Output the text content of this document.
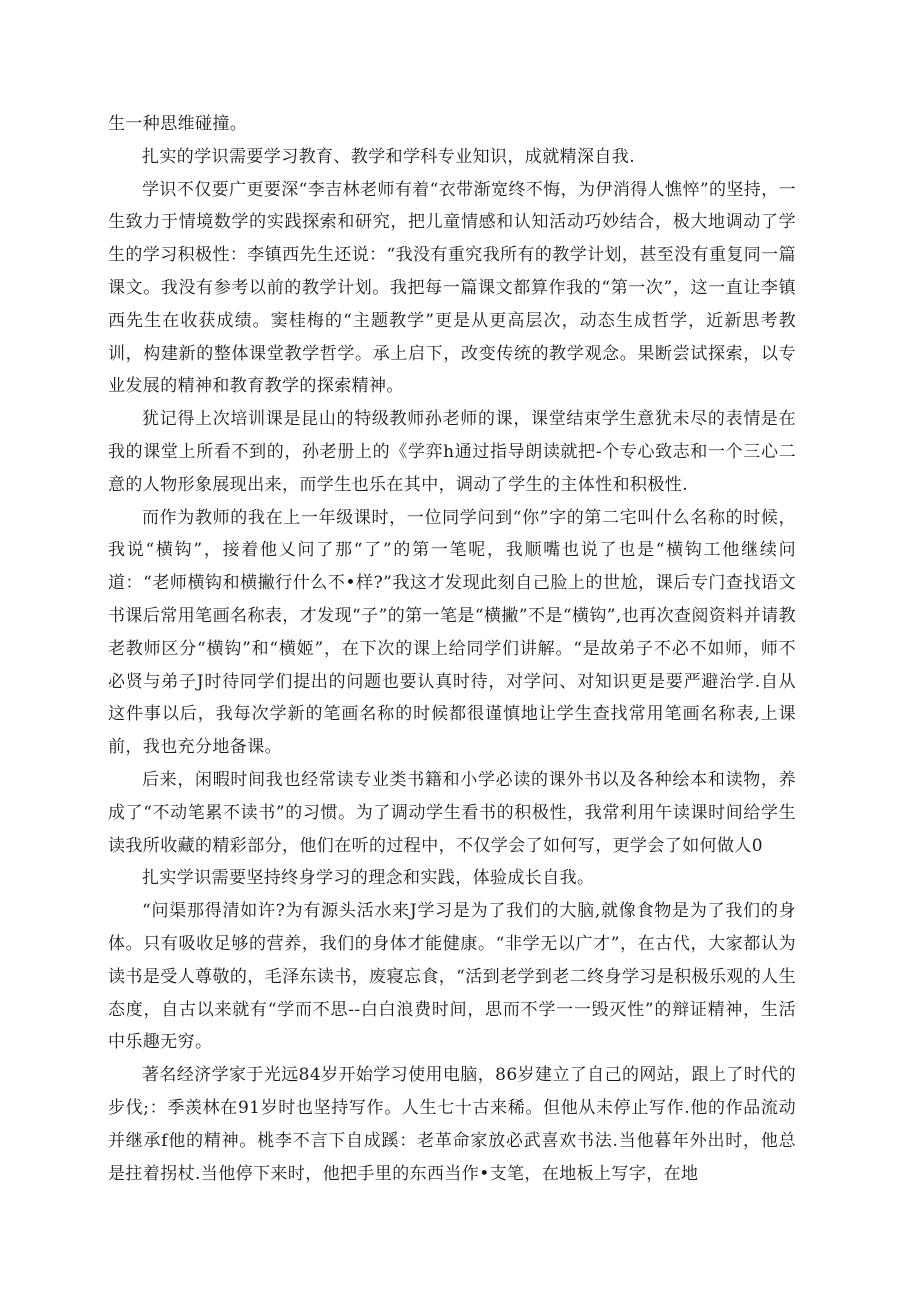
生一种思维碰撞。

扎实的学识需要学习教育、教学和学科专业知识，成就精深自我.

学识不仅要广更要深“李吉林老师有着“衣带渐宽终不悔，为伊消得人憔悴”的坚持，一生致力于情境数学的实践探索和研究，把儿童情感和认知活动巧妙结合，极大地调动了学生的学习积极性：李镇西先生还说：“我没有重究我所有的教学计划，甚至没有重复同一篇课文。我没有参考以前的教学计划。我把每一篇课文都算作我的“第一次”，这一直让李镇西先生在收获成绩。窦桂梅的“主题教学”更是从更高层次，动态生成哲学，近新思考教训，构建新的整体课堂教学哲学。承上启下，改变传统的教学观念。果断尝试探索，以专业发展的精神和教育教学的探索精神。

犹记得上次培训课是昆山的特级教师孙老师的课，课堂结束学生意犹未尽的表情是在我的课堂上所看不到的，孙老册上的《学弈h通过指导朗读就把-个专心致志和一个三心二意的人物形象展现出来，而学生也乐在其中，调动了学生的主体性和积极性.

而作为教师的我在上一年级课时，一位同学问到“你”字的第二宅叫什么名称的时候，我说“横钩”，接着他乂问了那“了”的第一笔呢，我顺嘴也说了也是“横钩工他继续问道：“老师横钩和横撇行什么不•样?”我这才发现此刻自己脸上的世尬，课后专门查找语文书课后常用笔画名称表，才发现“子”的第一笔是“横撇”不是“横钩”,也再次查阅资料并请教老教师区分“横钩”和“横姬”，在下次的课上给同学们讲解。“是故弟子不必不如师，师不必贤与弟子J时待同学们提出的问题也要认真时待，对学问、对知识更是要严避治学.自从这件事以后，我每次学新的笔画名称的时候都很谨慎地让学生查找常用笔画名称表,上课前，我也充分地备课。

后来，闲暇时间我也经常读专业类书籍和小学必读的课外书以及各种绘本和读物，养成了“不动笔累不读书”的习惯。为了调动学生看书的积极性，我常利用午读课时间给学生读我所收藏的精彩部分，他们在听的过程中，不仅学会了如何写，更学会了如何做人0

扎实学识需要坚持终身学习的理念和实践，体验成长自我。

“问渠那得清如许?为有源头活水来J学习是为了我们的大脑,就像食物是为了我们的身体。只有吸收足够的营养，我们的身体才能健康。“非学无以广才”，在古代，大家都认为读书是受人尊敬的，毛泽东读书，废寝忘食，“活到老学到老二终身学习是积极乐观的人生态度，自古以来就有“学而不思--白白浪费时间，思而不学一一毁灭性”的辩证精神，生活中乐趣无穷。

著名经济学家于光远84岁开始学习使用电脑，86岁建立了自己的网站，跟上了时代的步伐;：季羡林在91岁时也坚持写作。人生七十古来稀。但他从未停止写作.他的作品流动并继承f他的精神。桃李不言下自成蹊：老革命家放必武喜欢书法.当他暮年外出时，他总是拄着拐杖.当他停下来时，他把手里的东西当作•支笔，在地板上写字，在地
